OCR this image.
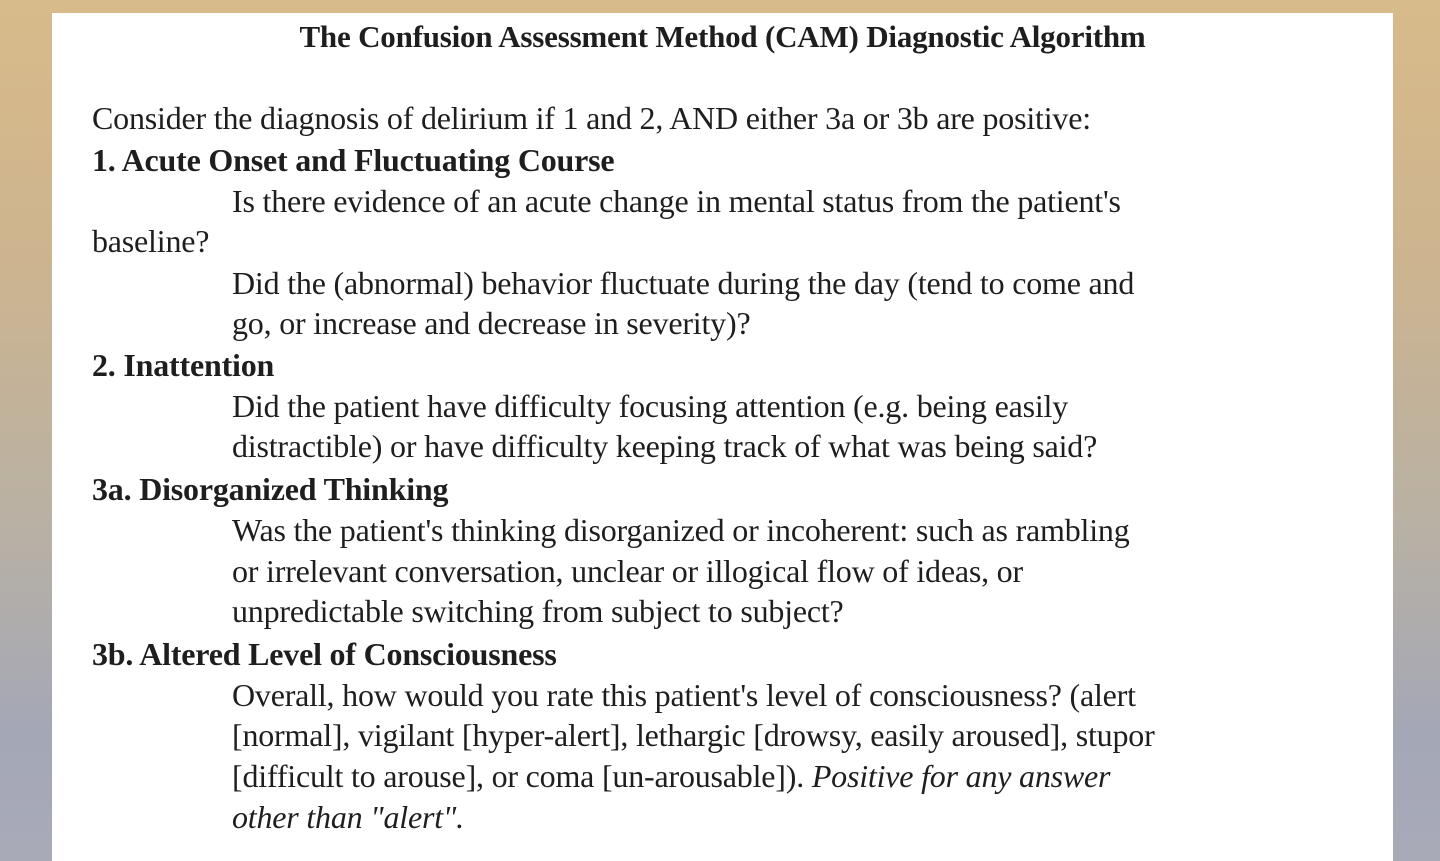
The Confusion Assessment Method (CAM) Diagnostic Algorithm
Consider the diagnosis of delirium if 1 and 2, AND either 3a or 3b are positive:
1. Acute Onset and Fluctuating Course
Is there evidence of an acute change in mental status from the patient's
baseline?
Did the (abnormal) behavior fluctuate during the day (tend to come and
go, or increase and decrease in severity)?
2. Inattention
Did the patient have difficulty focusing attention (e.g. being easily
distractible) or have difficulty keeping track of what was being said?
3a. Disorganized Thinking
Was the patient's thinking disorganized or incoherent: such as rambling
or irrelevant conversation, unclear or illogical flow of ideas, or
unpredictable switching from subject to subject?
3b. Altered Level of Consciousness
Overall, how would you rate this patient's level of consciousness? (alert
[normal], vigilant [hyper-alert], lethargic [drowsy, easily aroused], stupor
[difficult to arouse], or coma [un-arousable]). Positive for any answer
other than "alert".
